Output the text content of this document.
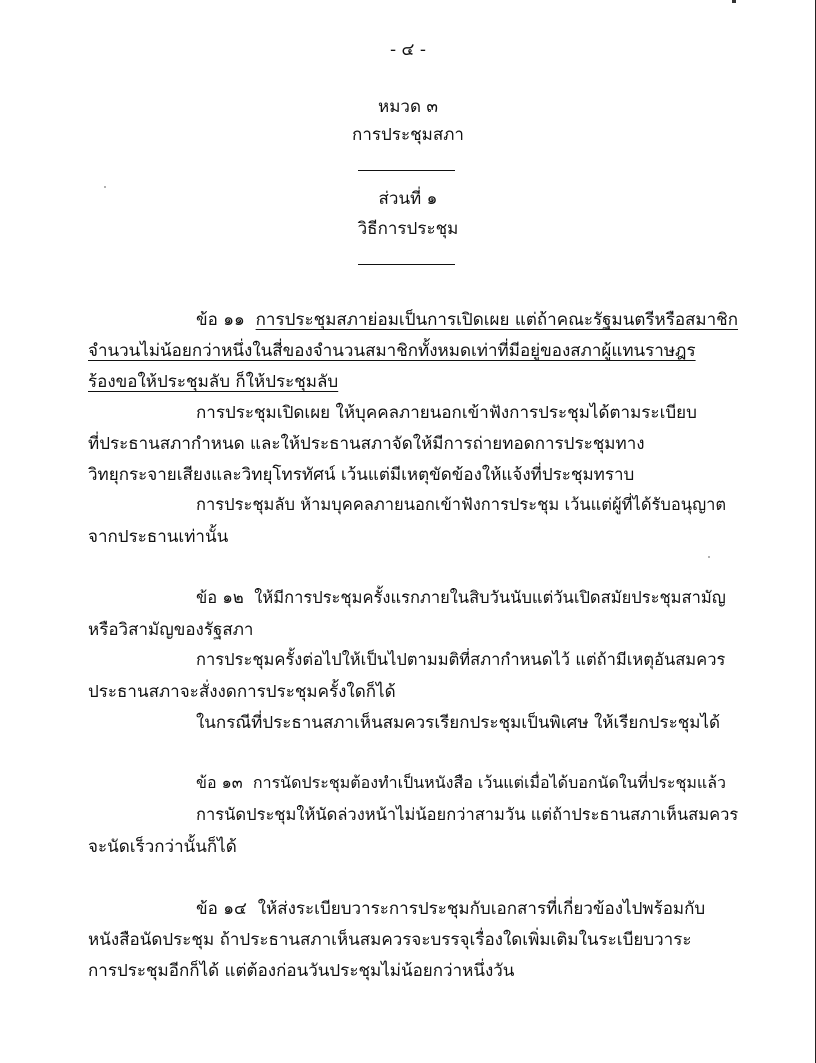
- ๔ -
หมวด ๓
การประชุมสภา
ส่วนที่ ๑
วิธีการประชุม
ข้อ ๑๑ การประชุมสภาย่อมเป็นการเปิดเผย แต่ถ้าคณะรัฐมนตรีหรือสมาชิก
จำนวนไม่น้อยกว่าหนึ่งในสี่ของจำนวนสมาชิกทั้งหมดเท่าที่มีอยู่ของสภาผู้แทนราษฎร
ร้องขอให้ประชุมลับ ก็ให้ประชุมลับ
การประชุมเปิดเผย ให้บุคคลภายนอกเข้าฟังการประชุมได้ตามระเบียบ
ที่ประธานสภากำหนด และให้ประธานสภาจัดให้มีการถ่ายทอดการประชุมทาง
วิทยุกระจายเสียงและวิทยุโทรทัศน์ เว้นแต่มีเหตุขัดข้องให้แจ้งที่ประชุมทราบ
การประชุมลับ ห้ามบุคคลภายนอกเข้าฟังการประชุม เว้นแต่ผู้ที่ได้รับอนุญาต
จากประธานเท่านั้น
ข้อ ๑๒ ให้มีการประชุมครั้งแรกภายในสิบวันนับแต่วันเปิดสมัยประชุมสามัญ
หรือวิสามัญของรัฐสภา
การประชุมครั้งต่อไปให้เป็นไปตามมติที่สภากำหนดไว้ แต่ถ้ามีเหตุอันสมควร
ประธานสภาจะสั่งงดการประชุมครั้งใดก็ได้
ในกรณีที่ประธานสภาเห็นสมควรเรียกประชุมเป็นพิเศษ ให้เรียกประชุมได้
ข้อ ๑๓ การนัดประชุมต้องทำเป็นหนังสือ เว้นแต่เมื่อได้บอกนัดในที่ประชุมแล้ว
การนัดประชุมให้นัดล่วงหน้าไม่น้อยกว่าสามวัน แต่ถ้าประธานสภาเห็นสมควร
จะนัดเร็วกว่านั้นก็ได้
ข้อ ๑๔ ให้ส่งระเบียบวาระการประชุมกับเอกสารที่เกี่ยวข้องไปพร้อมกับ
หนังสือนัดประชุม ถ้าประธานสภาเห็นสมควรจะบรรจุเรื่องใดเพิ่มเติมในระเบียบวาระ
การประชุมอีกก็ได้ แต่ต้องก่อนวันประชุมไม่น้อยกว่าหนึ่งวัน
